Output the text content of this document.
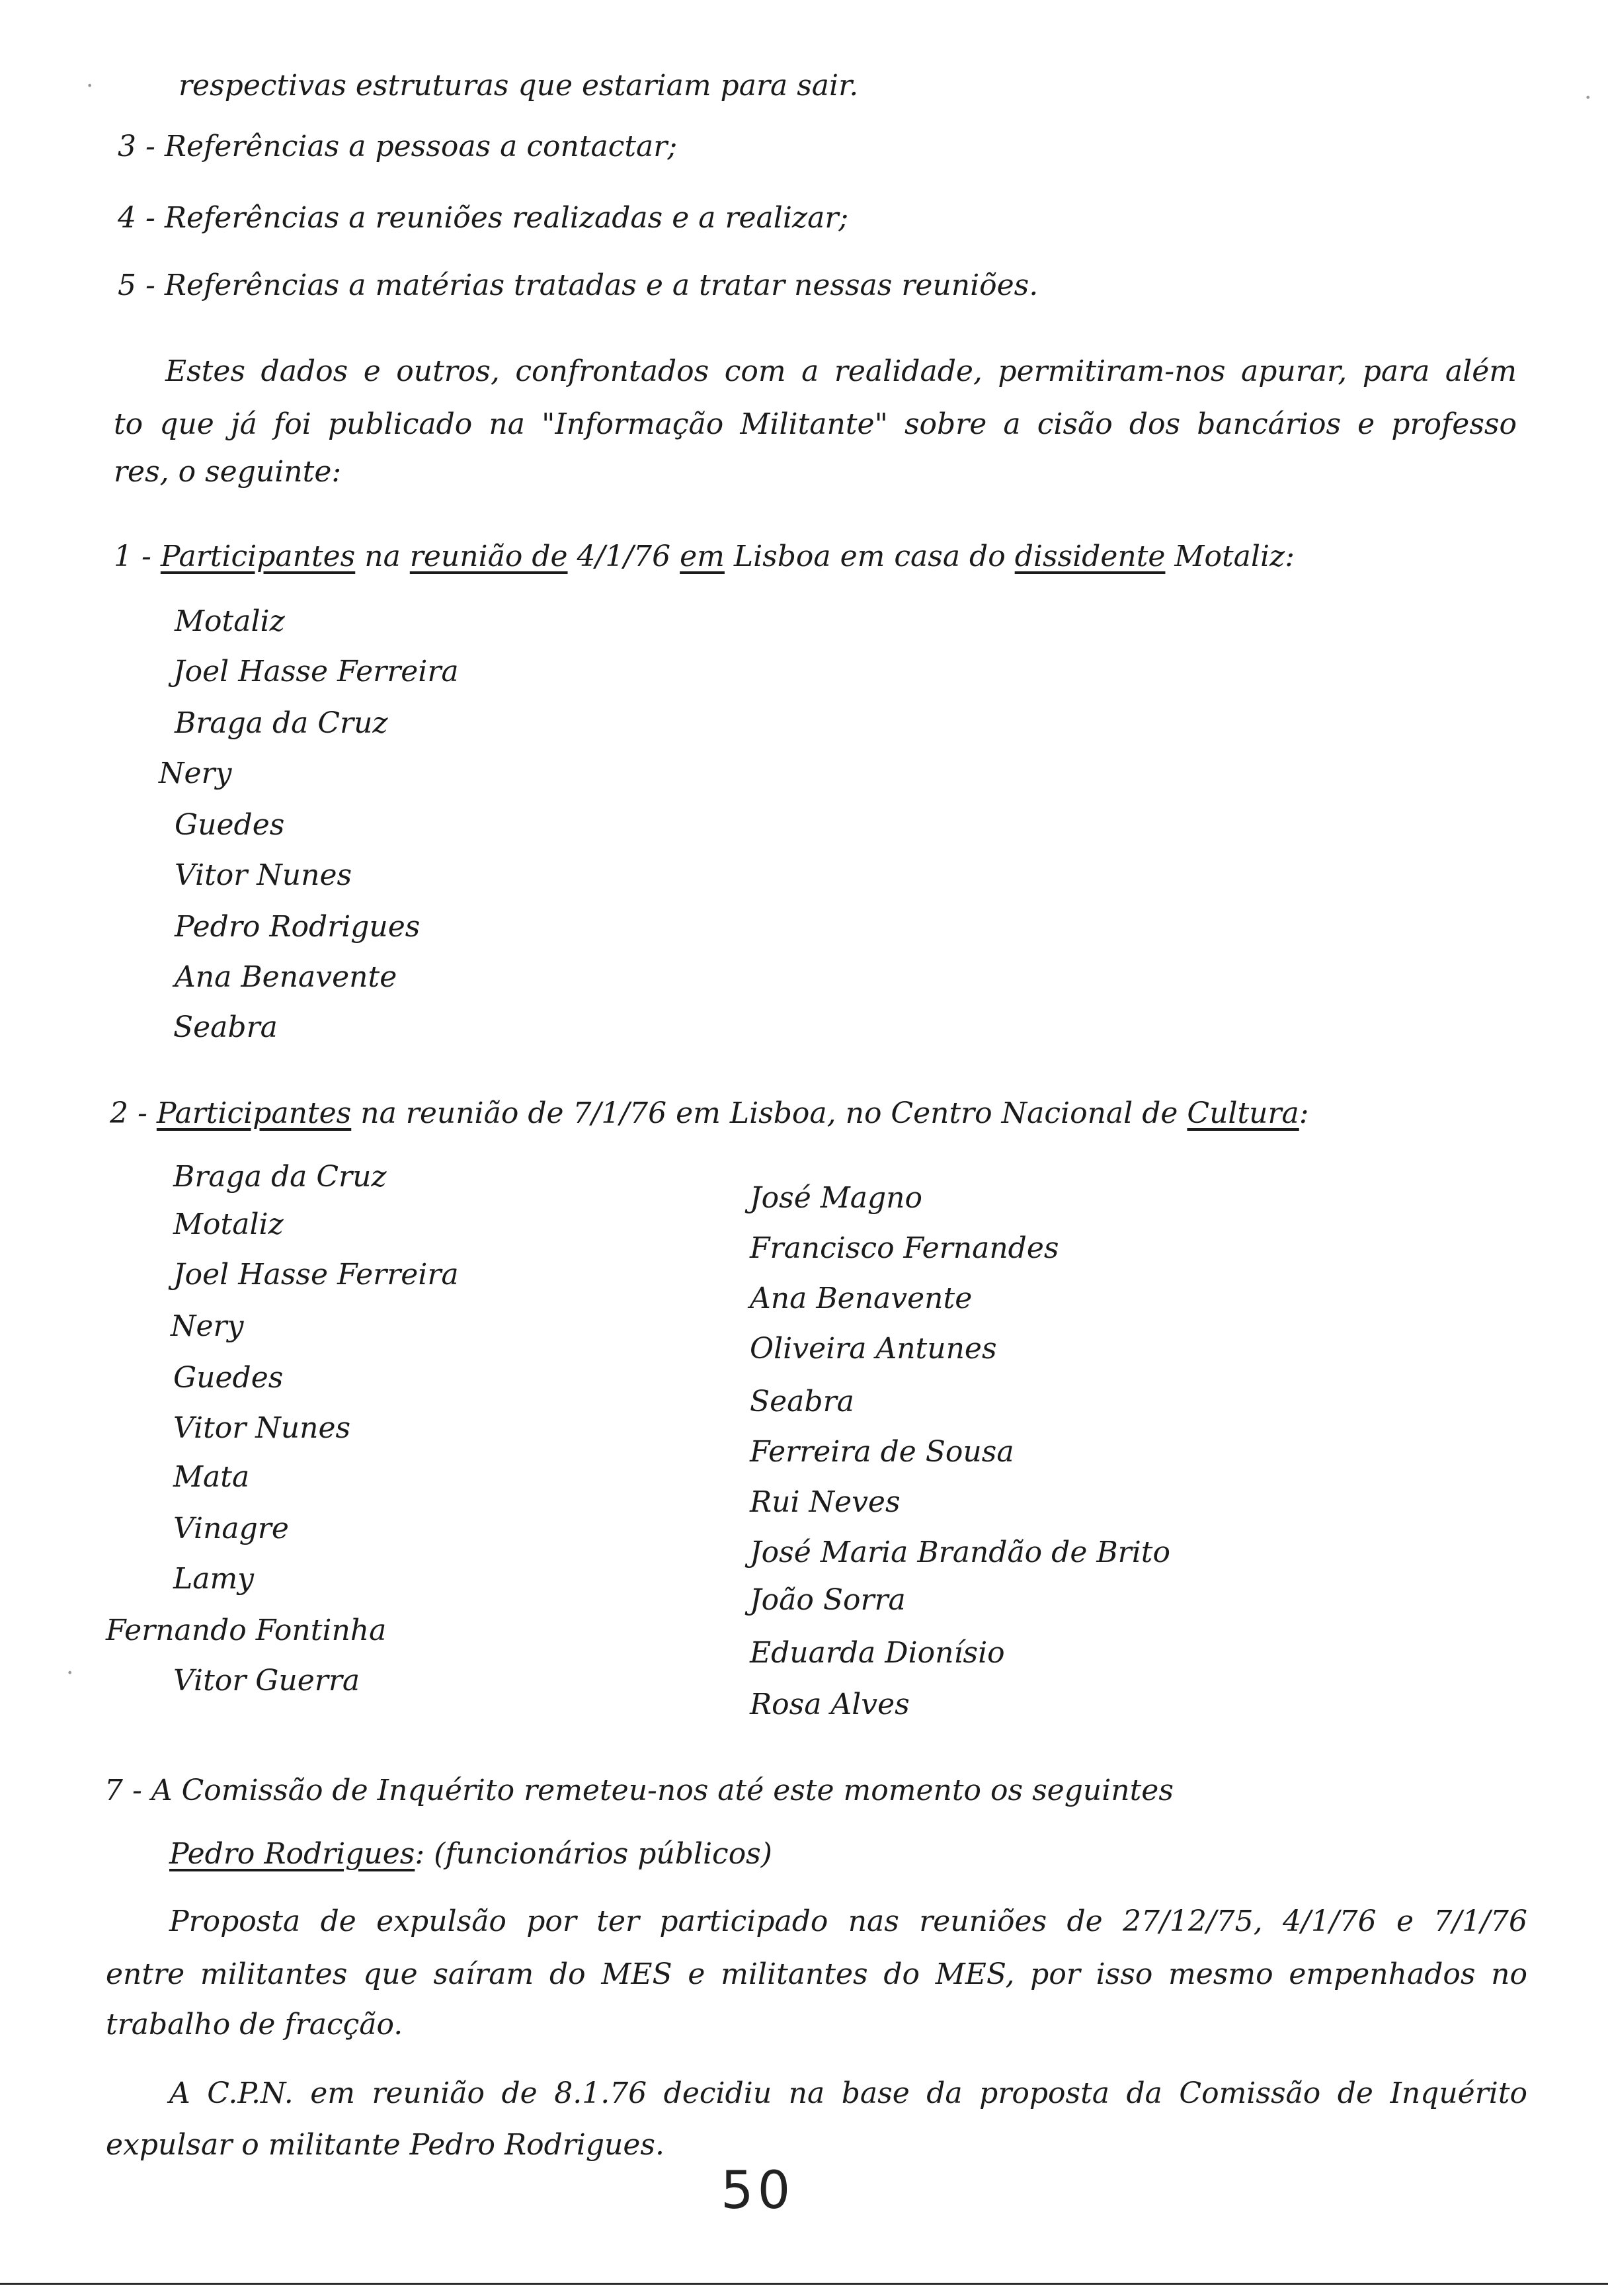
·	·
·
respectivas estruturas que estariam para sair.
3 - Referências a pessoas a contactar;
4 - Referências a reuniões realizadas e a realizar;
5 - Referências a matérias tratadas e a tratar nessas reuniões.
Estes dados e outros, confrontados com a realidade, permitiram-nos apurar, para além
to que já foi publicado na "Informação Militante" sobre a cisão dos bancários e professo
res, o seguinte:
1 - Participantes na reunião de 4/1/76 em Lisboa em casa do dissidente Motaliz:
Motaliz
Joel Hasse Ferreira
Braga da Cruz
Nery
Guedes
Vitor Nunes
Pedro Rodrigues
Ana Benavente
Seabra
2 - Participantes na reunião de 7/1/76 em Lisboa, no Centro Nacional de Cultura:
Braga da Cruz
Motaliz
Joel Hasse Ferreira
Nery
Guedes
Vitor Nunes
Mata
Vinagre
Lamy
Fernando Fontinha
Vitor Guerra
José Magno
Francisco Fernandes
Ana Benavente
Oliveira Antunes
Seabra
Ferreira de Sousa
Rui Neves
José Maria Brandão de Brito
João Sorra
Eduarda Dionísio
Rosa Alves
7 - A Comissão de Inquérito remeteu-nos até este momento os seguintes
Pedro Rodrigues: (funcionários públicos)
Proposta de expulsão por ter participado nas reuniões de 27/12/75, 4/1/76 e 7/1/76
entre militantes que saíram do MES e militantes do MES, por isso mesmo empenhados no
trabalho de fracção.
A C.P.N. em reunião de 8.1.76 decidiu na base da proposta da Comissão de Inquérito
expulsar o militante Pedro Rodrigues.
50
